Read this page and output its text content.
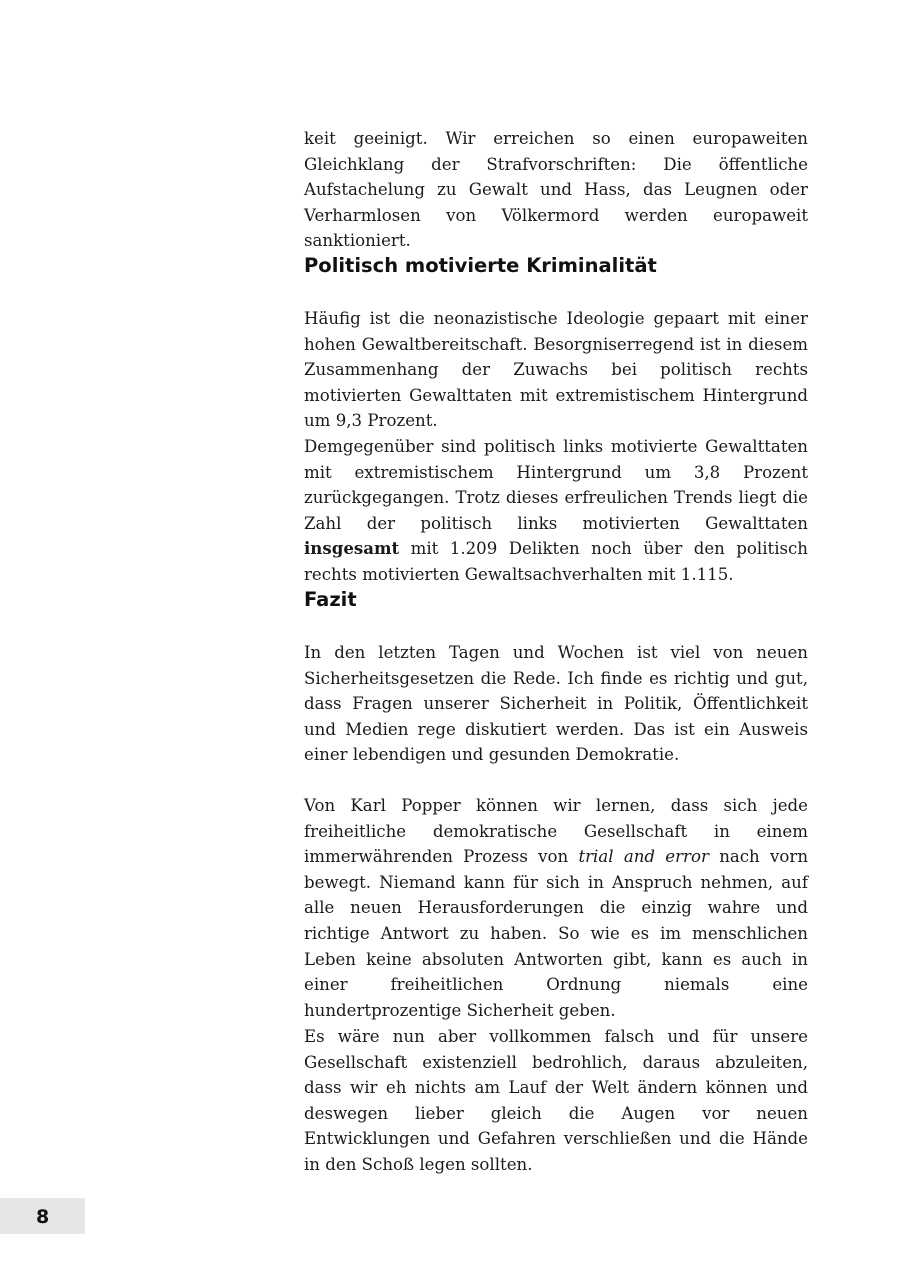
keit geeinigt. Wir erreichen so einen europaweiten Gleichklang der Strafvorschriften: Die öffentliche Aufstachelung zu Gewalt und Hass, das Leugnen oder Verharmlosen von Völkermord werden europaweit sanktioniert.

Politisch motivierte Kriminalität

Häufig ist die neonazistische Ideologie gepaart mit einer hohen Gewaltbereitschaft. Besorgniserregend ist in diesem Zusammenhang der Zuwachs bei politisch rechts motivierten Gewalttaten mit extremistischem Hintergrund um 9,3 Prozent.

Demgegenüber sind politisch links motivierte Gewalttaten mit extremistischem Hintergrund um 3,8 Prozent zurückgegangen. Trotz dieses erfreulichen Trends liegt die Zahl der politisch links motivierten Gewalttaten insgesamt mit 1.209 Delikten noch über den politisch rechts motivierten Gewaltsachverhalten mit 1.115.

Fazit

In den letzten Tagen und Wochen ist viel von neuen Sicherheitsgesetzen die Rede. Ich finde es richtig und gut, dass Fragen unserer Sicherheit in Politik, Öffentlichkeit und Medien rege diskutiert werden. Das ist ein Ausweis einer lebendigen und gesunden Demokratie.

Von Karl Popper können wir lernen, dass sich jede freiheitliche demokratische Gesellschaft in einem immerwährenden Prozess von trial and error nach vorn bewegt. Niemand kann für sich in Anspruch nehmen, auf alle neuen Herausforderungen die einzig wahre und richtige Antwort zu haben. So wie es im menschlichen Leben keine absoluten Antworten gibt, kann es auch in einer freiheitlichen Ordnung niemals eine hundertprozentige Sicherheit geben.

Es wäre nun aber vollkommen falsch und für unsere Gesellschaft existenziell bedrohlich, daraus abzuleiten, dass wir eh nichts am Lauf der Welt ändern können und deswegen lieber gleich die Augen vor neuen Entwicklungen und Gefahren verschließen und die Hände in den Schoß legen sollten.

8
